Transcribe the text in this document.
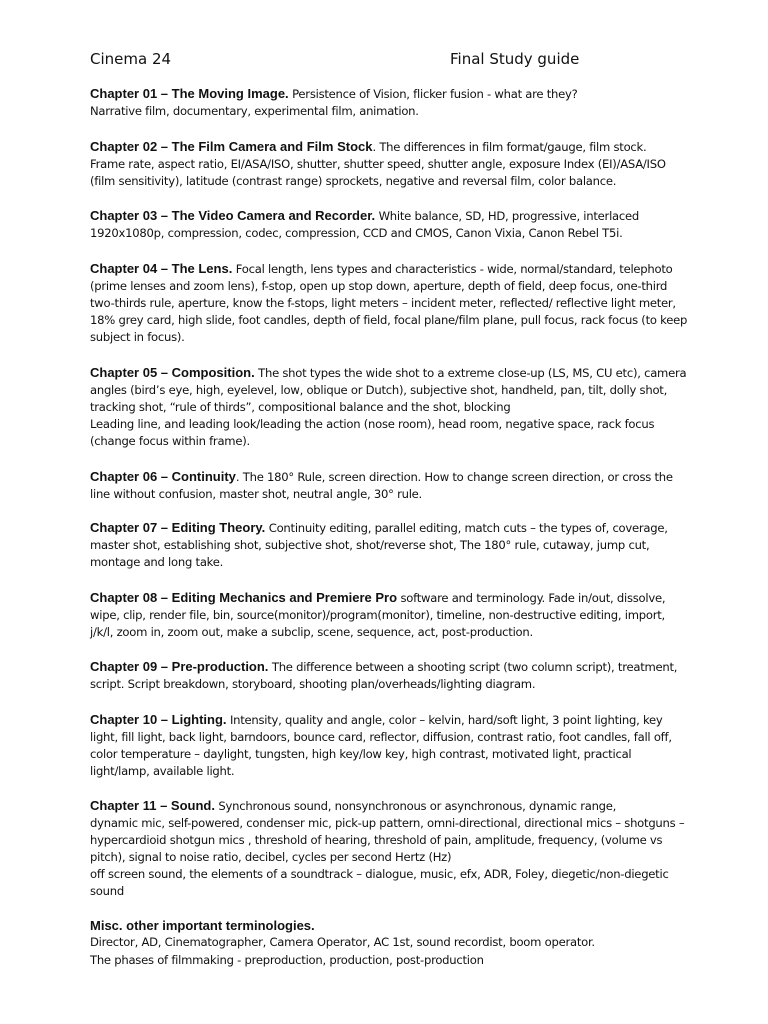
Cinema 24	Final Study guide

Chapter 01 – The Moving Image. Persistence of Vision, flicker fusion - what are they?
Narrative film, documentary, experimental film, animation.

Chapter 02 – The Film Camera and Film Stock. The differences in film format/gauge, film stock.
Frame rate, aspect ratio, EI/ASA/ISO, shutter, shutter speed, shutter angle, exposure Index (EI)/ASA/ISO
(film sensitivity), latitude (contrast range) sprockets, negative and reversal film, color balance.

Chapter 03 – The Video Camera and Recorder. White balance, SD, HD, progressive, interlaced
1920x1080p, compression, codec, compression, CCD and CMOS, Canon Vixia, Canon Rebel T5i.

Chapter 04 – The Lens. Focal length, lens types and characteristics - wide, normal/standard, telephoto
(prime lenses and zoom lens), f-stop, open up stop down, aperture, depth of field, deep focus, one-third
two-thirds rule, aperture, know the f-stops, light meters – incident meter, reflected/ reflective light meter,
18% grey card, high slide, foot candles, depth of field, focal plane/film plane, pull focus, rack focus (to keep
subject in focus).

Chapter 05 – Composition. The shot types the wide shot to a extreme close-up (LS, MS, CU etc), camera
angles (bird’s eye, high, eyelevel, low, oblique or Dutch), subjective shot, handheld, pan, tilt, dolly shot,
tracking shot, “rule of thirds”, compositional balance and the shot, blocking
Leading line, and leading look/leading the action (nose room), head room, negative space, rack focus
(change focus within frame).

Chapter 06 – Continuity. The 180° Rule, screen direction. How to change screen direction, or cross the
line without confusion, master shot, neutral angle, 30° rule.

Chapter 07 – Editing Theory. Continuity editing, parallel editing, match cuts – the types of, coverage,
master shot, establishing shot, subjective shot, shot/reverse shot, The 180° rule, cutaway, jump cut,
montage and long take.

Chapter 08 – Editing Mechanics and Premiere Pro software and terminology. Fade in/out, dissolve,
wipe, clip, render file, bin, source(monitor)/program(monitor), timeline, non-destructive editing, import,
j/k/l, zoom in, zoom out, make a subclip, scene, sequence, act, post-production.

Chapter 09 – Pre-production. The difference between a shooting script (two column script), treatment,
script. Script breakdown, storyboard, shooting plan/overheads/lighting diagram.

Chapter 10 – Lighting. Intensity, quality and angle, color – kelvin, hard/soft light, 3 point lighting, key
light, fill light, back light, barndoors, bounce card, reflector, diffusion, contrast ratio, foot candles, fall off,
color temperature – daylight, tungsten, high key/low key, high contrast, motivated light, practical
light/lamp, available light.

Chapter 11 – Sound. Synchronous sound, nonsynchronous or asynchronous, dynamic range,
dynamic mic, self-powered, condenser mic, pick-up pattern, omni-directional, directional mics – shotguns –
hypercardioid shotgun mics , threshold of hearing, threshold of pain, amplitude, frequency, (volume vs
pitch), signal to noise ratio, decibel, cycles per second Hertz (Hz)
off screen sound, the elements of a soundtrack – dialogue, music, efx, ADR, Foley, diegetic/non-diegetic
sound

Misc. other important terminologies.
Director, AD, Cinematographer, Camera Operator, AC 1st, sound recordist, boom operator.
The phases of filmmaking - preproduction, production, post-production
